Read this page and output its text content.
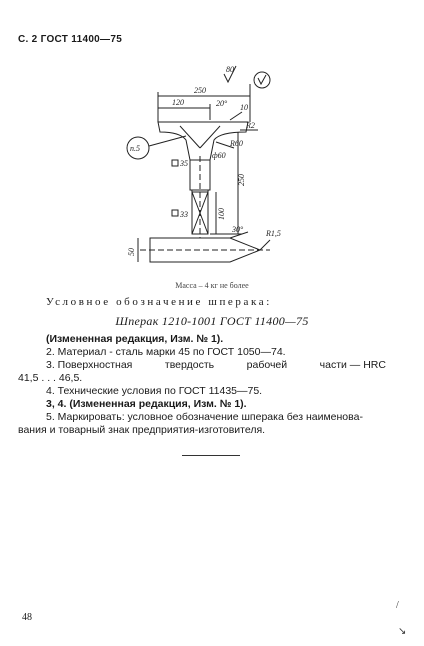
С. 2 ГОСТ 11400—75
80
250
120	20° 10
R2
R60
п.5
ф60
35
250
100
33
50
30°	R1,5
Масса – 4 кг не более
Условное обозначение шперака:
Шперак 1210-1001 ГОСТ 11400—75
(Измененная редакция, Изм. № 1).
2. Материал - сталь марки 45 по ГОСТ 1050—74.
3. Поверхностная	твердость	рабочей	части — HRC
41,5 . . . 46,5.
4. Технические условия по ГОСТ 11435—75.
3, 4. (Измененная редакция, Изм. № 1).
5. Маркировать: условное обозначение шперака без наименова-
вания и товарный знак предприятия-изготовителя.
48
/
↘
